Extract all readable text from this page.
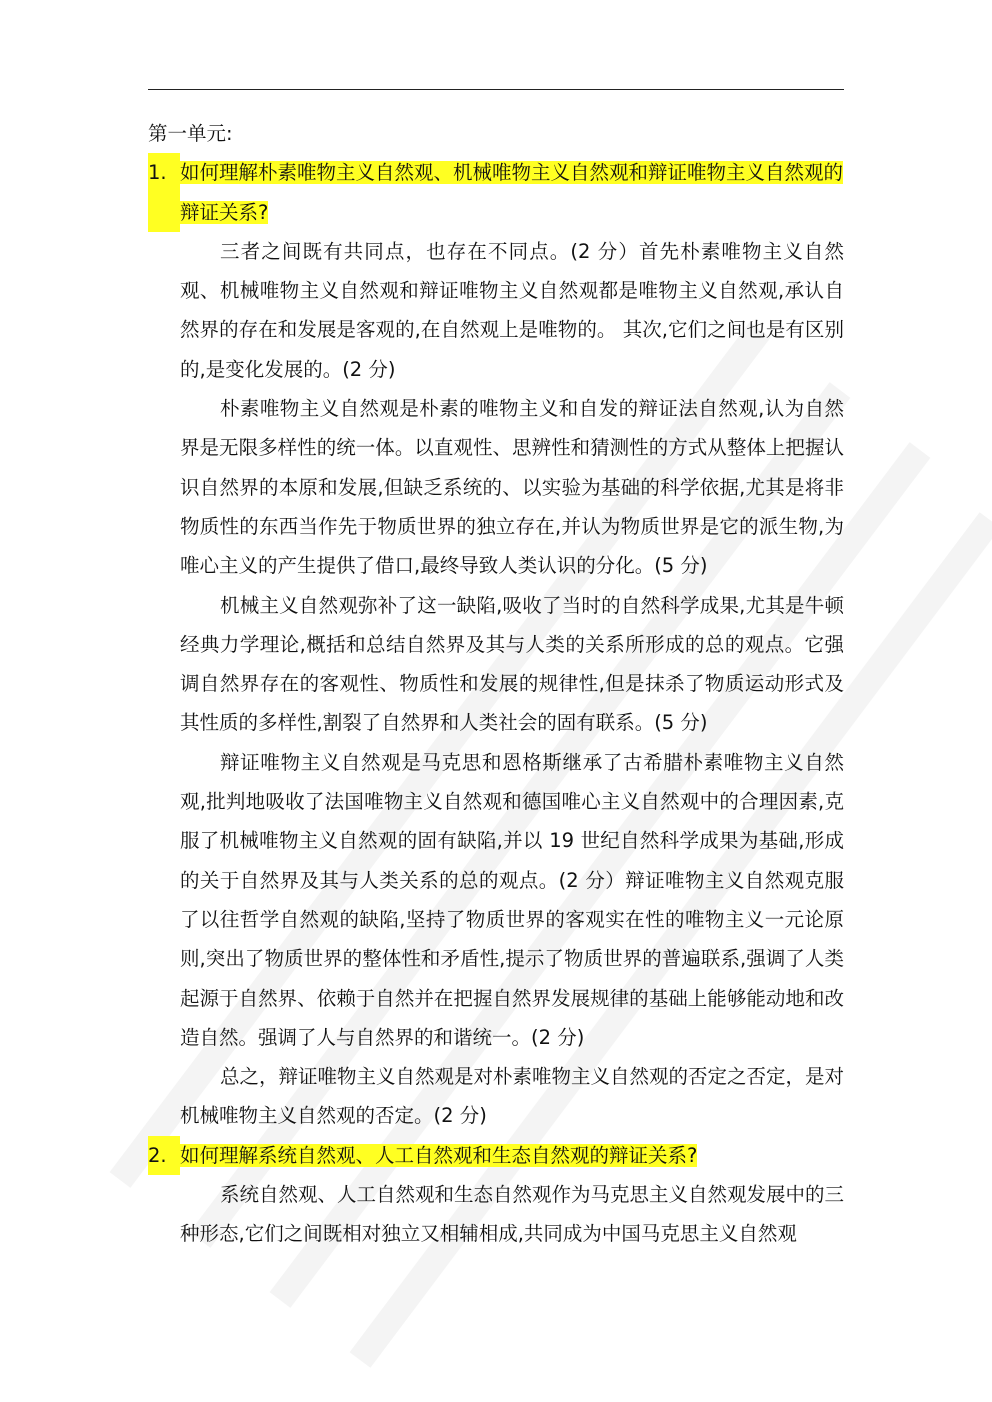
第一单元:

1. 如何理解朴素唯物主义自然观、机械唯物主义自然观和辩证唯物主义自然观的辩证关系?

三者之间既有共同点，也存在不同点。(2 分）首先朴素唯物主义自然观、机械唯物主义自然观和辩证唯物主义自然观都是唯物主义自然观,承认自然界的存在和发展是客观的,在自然观上是唯物的。 其次,它们之间也是有区别的,是变化发展的。(2 分)

朴素唯物主义自然观是朴素的唯物主义和自发的辩证法自然观,认为自然界是无限多样性的统一体。以直观性、思辨性和猜测性的方式从整体上把握认识自然界的本原和发展,但缺乏系统的、以实验为基础的科学依据,尤其是将非物质性的东西当作先于物质世界的独立存在,并认为物质世界是它的派生物,为唯心主义的产生提供了借口,最终导致人类认识的分化。(5 分)

机械主义自然观弥补了这一缺陷,吸收了当时的自然科学成果,尤其是牛顿经典力学理论,概括和总结自然界及其与人类的关系所形成的总的观点。它强调自然界存在的客观性、物质性和发展的规律性,但是抹杀了物质运动形式及其性质的多样性,割裂了自然界和人类社会的固有联系。(5 分)

辩证唯物主义自然观是马克思和恩格斯继承了古希腊朴素唯物主义自然观,批判地吸收了法国唯物主义自然观和德国唯心主义自然观中的合理因素,克服了机械唯物主义自然观的固有缺陷,并以 19 世纪自然科学成果为基础,形成的关于自然界及其与人类关系的总的观点。(2 分）辩证唯物主义自然观克服了以往哲学自然观的缺陷,坚持了物质世界的客观实在性的唯物主义一元论原则,突出了物质世界的整体性和矛盾性,提示了物质世界的普遍联系,强调了人类起源于自然界、依赖于自然并在把握自然界发展规律的基础上能够能动地和改造自然。强调了人与自然界的和谐统一。(2 分)

总之，辩证唯物主义自然观是对朴素唯物主义自然观的否定之否定，是对机械唯物主义自然观的否定。(2 分)

2. 如何理解系统自然观、人工自然观和生态自然观的辩证关系?

系统自然观、人工自然观和生态自然观作为马克思主义自然观发展中的三种形态,它们之间既相对独立又相辅相成,共同成为中国马克思主义自然观
